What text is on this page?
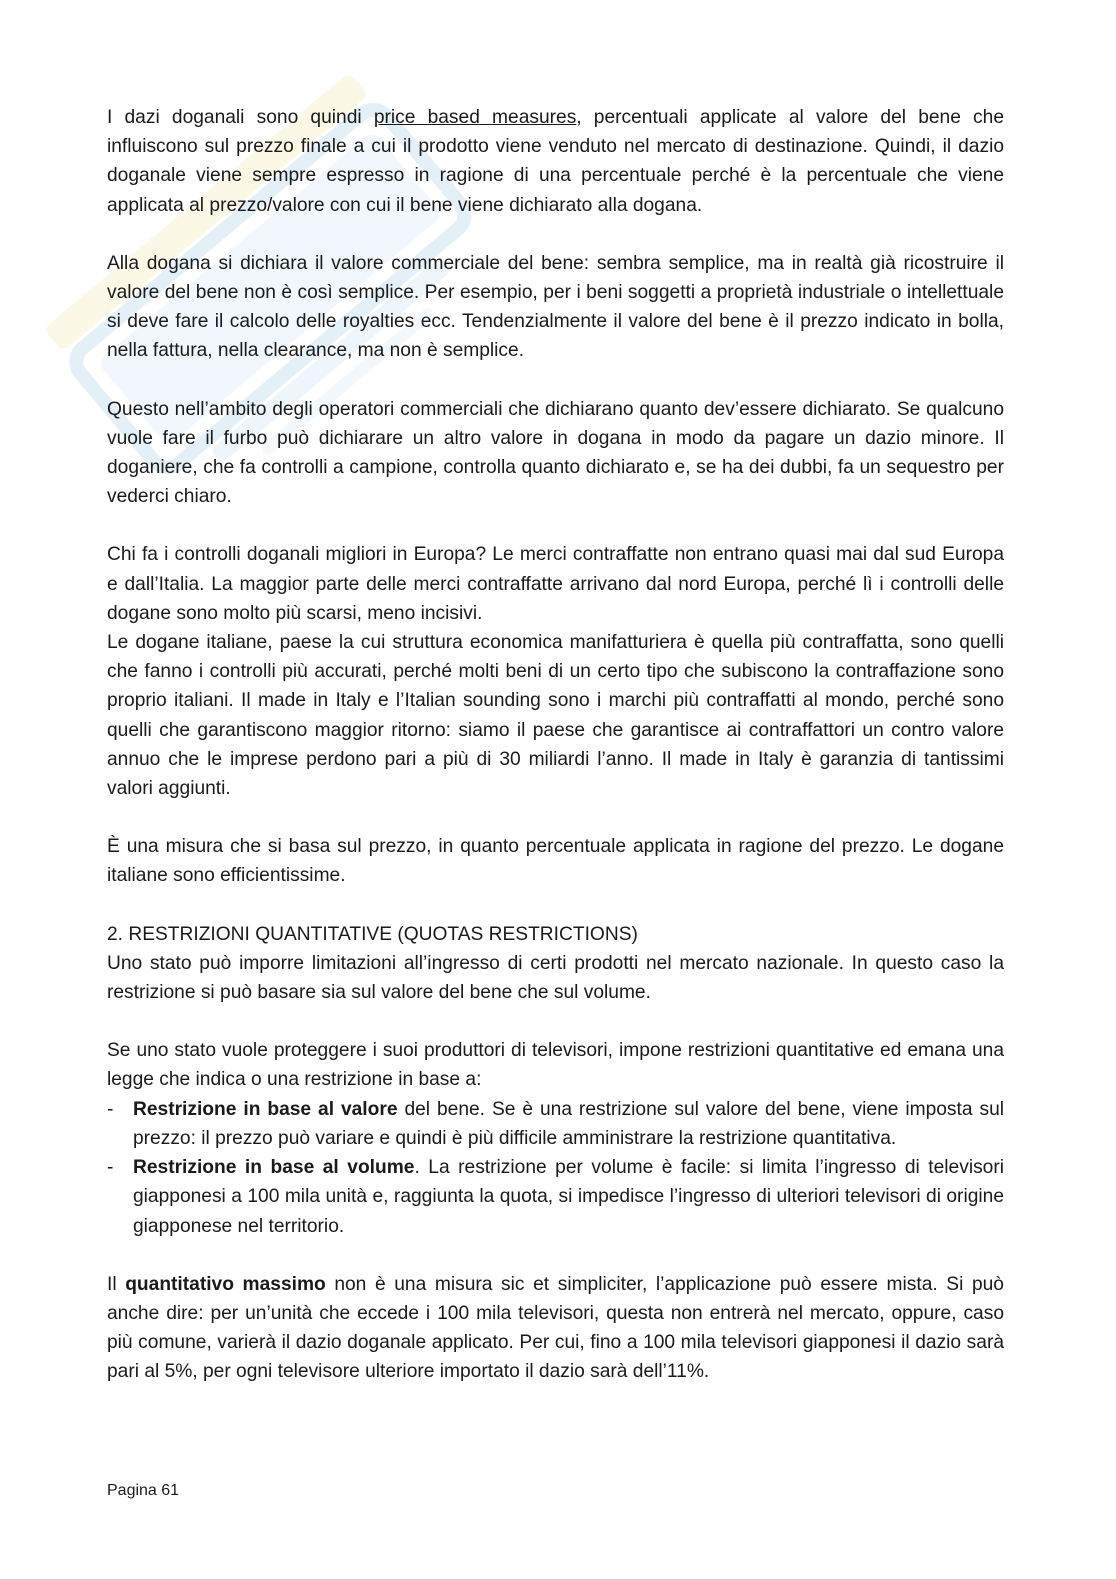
I dazi doganali sono quindi price based measures, percentuali applicate al valore del bene che influiscono sul prezzo finale a cui il prodotto viene venduto nel mercato di destinazione. Quindi, il dazio doganale viene sempre espresso in ragione di una percentuale perché è la percentuale che viene applicata al prezzo/valore con cui il bene viene dichiarato alla dogana.

Alla dogana si dichiara il valore commerciale del bene: sembra semplice, ma in realtà già ricostruire il valore del bene non è così semplice. Per esempio, per i beni soggetti a proprietà industriale o intellettuale si deve fare il calcolo delle royalties ecc. Tendenzialmente il valore del bene è il prezzo indicato in bolla, nella fattura, nella clearance, ma non è semplice.

Questo nell’ambito degli operatori commerciali che dichiarano quanto dev’essere dichiarato. Se qualcuno vuole fare il furbo può dichiarare un altro valore in dogana in modo da pagare un dazio minore. Il doganiere, che fa controlli a campione, controlla quanto dichiarato e, se ha dei dubbi, fa un sequestro per vederci chiaro.

Chi fa i controlli doganali migliori in Europa? Le merci contraffatte non entrano quasi mai dal sud Europa e dall’Italia. La maggior parte delle merci contraffatte arrivano dal nord Europa, perché lì i controlli delle dogane sono molto più scarsi, meno incisivi.

Le dogane italiane, paese la cui struttura economica manifatturiera è quella più contraffatta, sono quelli che fanno i controlli più accurati, perché molti beni di un certo tipo che subiscono la contraffazione sono proprio italiani. Il made in Italy e l’Italian sounding sono i marchi più contraffatti al mondo, perché sono quelli che garantiscono maggior ritorno: siamo il paese che garantisce ai contraffattori un contro valore annuo che le imprese perdono pari a più di 30 miliardi l’anno. Il made in Italy è garanzia di tantissimi valori aggiunti.

È una misura che si basa sul prezzo, in quanto percentuale applicata in ragione del prezzo. Le dogane italiane sono efficientissime.

2. RESTRIZIONI QUANTITATIVE (QUOTAS RESTRICTIONS)

Uno stato può imporre limitazioni all’ingresso di certi prodotti nel mercato nazionale. In questo caso la restrizione si può basare sia sul valore del bene che sul volume.

Se uno stato vuole proteggere i suoi produttori di televisori, impone restrizioni quantitative ed emana una legge che indica o una restrizione in base a:

- Restrizione in base al valore del bene. Se è una restrizione sul valore del bene, viene imposta sul prezzo: il prezzo può variare e quindi è più difficile amministrare la restrizione quantitativa.
- Restrizione in base al volume. La restrizione per volume è facile: si limita l’ingresso di televisori giapponesi a 100 mila unità e, raggiunta la quota, si impedisce l’ingresso di ulteriori televisori di origine giapponese nel territorio.

Il quantitativo massimo non è una misura sic et simpliciter, l’applicazione può essere mista. Si può anche dire: per un’unità che eccede i 100 mila televisori, questa non entrerà nel mercato, oppure, caso più comune, varierà il dazio doganale applicato. Per cui, fino a 100 mila televisori giapponesi il dazio sarà pari al 5%, per ogni televisore ulteriore importato il dazio sarà dell’11%.

Pagina 61
